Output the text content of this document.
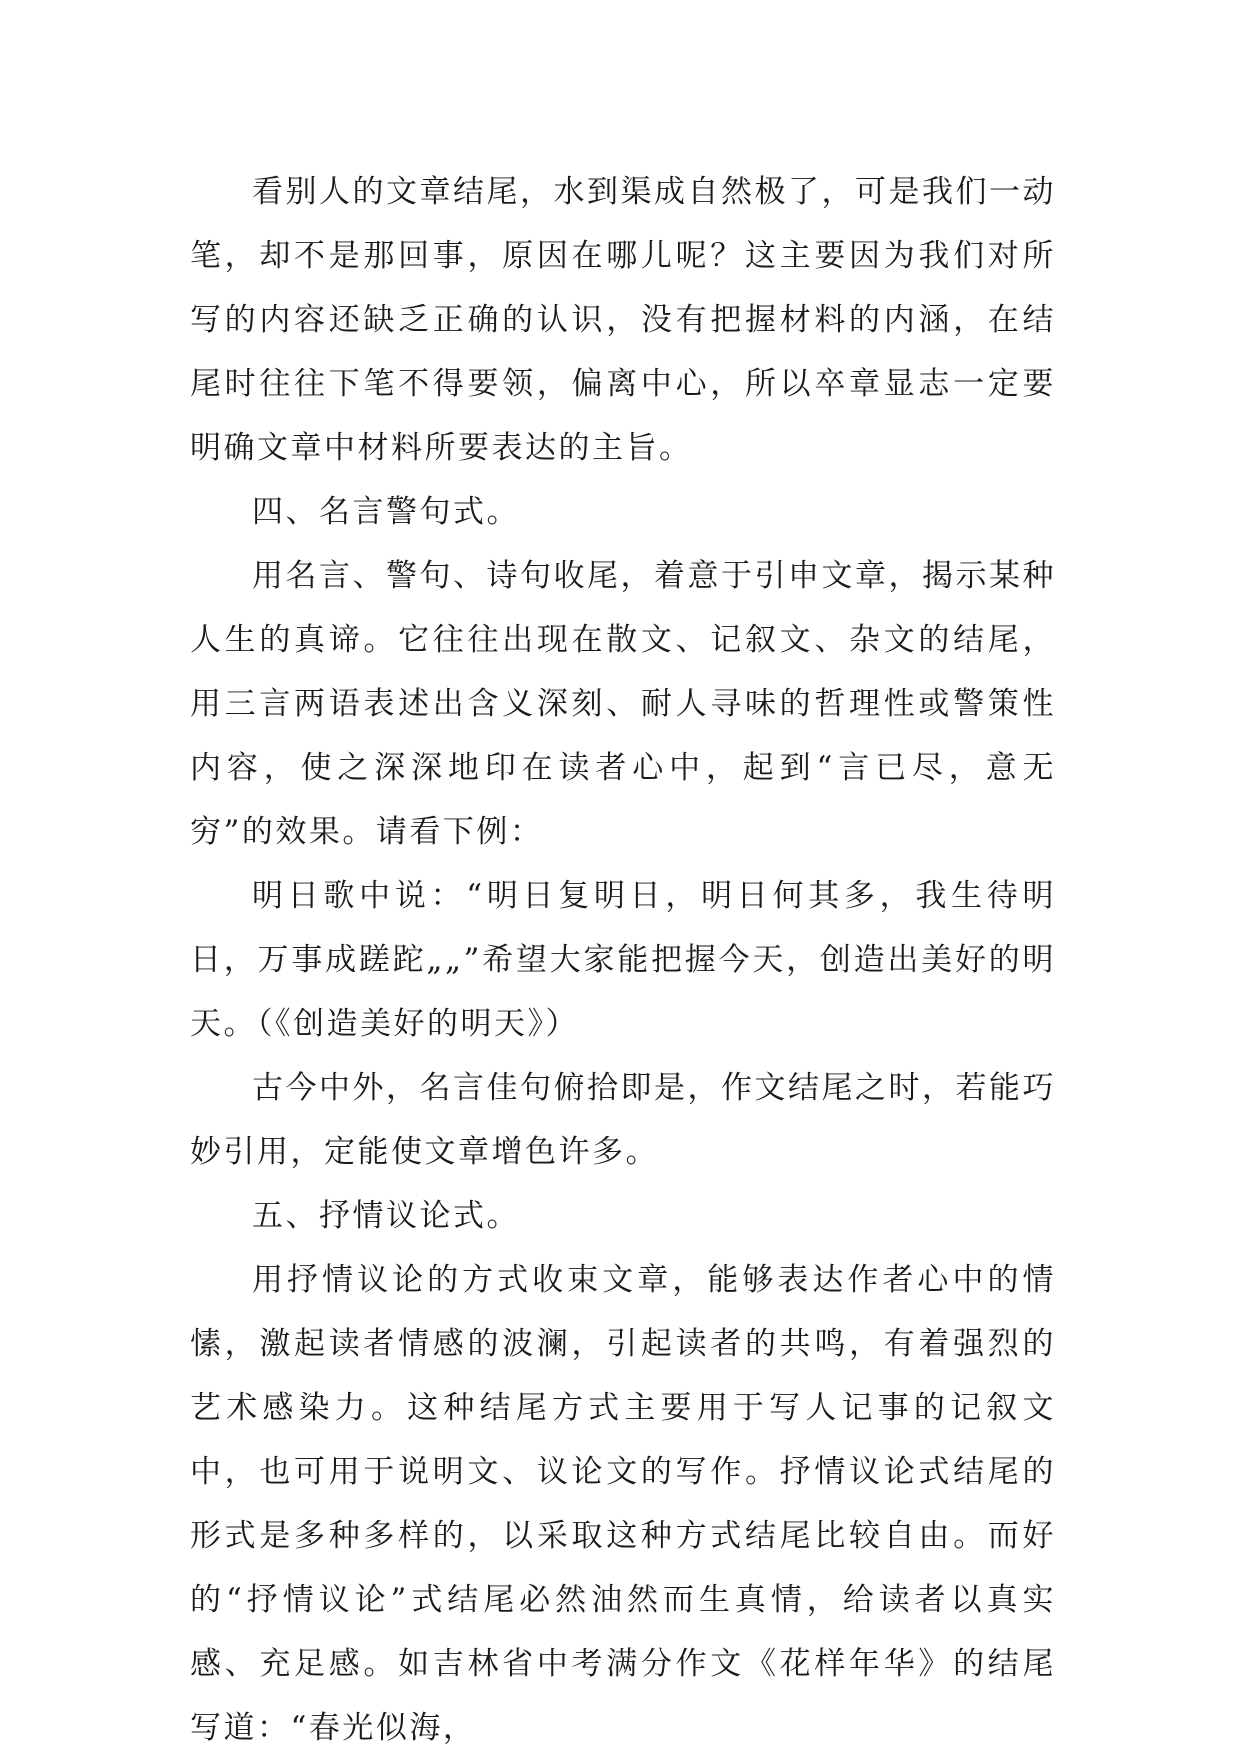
看别人的文章结尾，水到渠成自然极了，可是我们一动笔，却不是那回事，原因在哪儿呢？这主要因为我们对所写的内容还缺乏正确的认识，没有把握材料的内涵，在结尾时往往下笔不得要领，偏离中心，所以卒章显志一定要明确文章中材料所要表达的主旨。

四、名言警句式。

用名言、警句、诗句收尾，着意于引申文章，揭示某种人生的真谛。它往往出现在散文、记叙文、杂文的结尾，用三言两语表述出含义深刻、耐人寻味的哲理性或警策性内容，使之深深地印在读者心中，起到“言已尽，意无穷”的效果。请看下例：

明日歌中说：“明日复明日，明日何其多，我生待明日，万事成蹉跎„„”希望大家能把握今天，创造出美好的明天。（《创造美好的明天》）

古今中外，名言佳句俯拾即是，作文结尾之时，若能巧妙引用，定能使文章增色许多。

五、抒情议论式。

用抒情议论的方式收束文章，能够表达作者心中的情愫，激起读者情感的波澜，引起读者的共鸣，有着强烈的艺术感染力。这种结尾方式主要用于写人记事的记叙文中，也可用于说明文、议论文的写作。抒情议论式结尾的形式是多种多样的，以采取这种方式结尾比较自由。而好的“抒情议论”式结尾必然油然而生真情，给读者以真实感、充足感。如吉林省中考满分作文《花样年华》的结尾写道：“春光似海，
